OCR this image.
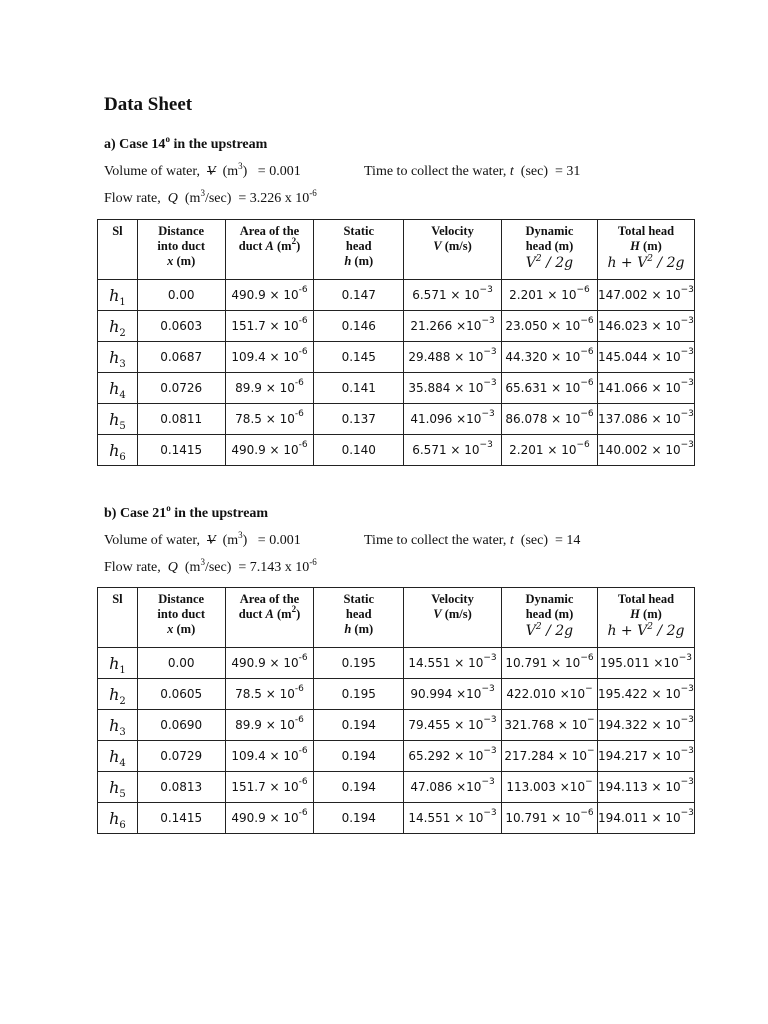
Data Sheet
a) Case 14$^o$ in the upstream
Volume of water, V $(m^3) = 0.001$	Time to collect the water, t (sec) = 31
Flow rate, Q $(m^3/\sec) = 3.226$ x $10^{-6}$
Sl	Distance
into duct
x (m)	Area of the
duct A $(m^2)$	Static
head
h (m)	Velocity
V (m/s)	Dynamic
head (m)
$V^2 / 2g$	Total head
H (m)
$h + V^2 / 2g$

$h_1$	0.00	$490.9 \times 10^{-6}$	0.147	$6.571 \times 10^{-3}$	$2.201 \times 10^{-6}$	$147.002 \times 10^{-3}$
$h_2$	0.0603	$151.7 \times 10^{-6}$	0.146	$21.266 \times 10^{-3}$	$23.050 \times 10^{-6}$	$146.023 \times 10^{-3}$
$h_3$	0.0687	$109.4 \times 10^{-6}$	0.145	$29.488 \times 10^{-3}$	$44.320 \times 10^{-6}$	$145.044 \times 10^{-3}$
$h_4$	0.0726	$89.9 \times 10^{-6}$	0.141	$35.884 \times 10^{-3}$	$65.631 \times 10^{-6}$	$141.066 \times 10^{-3}$
$h_5$	0.0811	$78.5 \times 10^{-6}$	0.137	$41.096 \times 10^{-3}$	$86.078 \times 10^{-6}$	$137.086 \times 10^{-3}$
$h_6$	0.1415	$490.9 \times 10^{-6}$	0.140	$6.571 \times 10^{-3}$	$2.201 \times 10^{-6}$	$140.002 \times 10^{-3}$
b) Case 21$^o$ in the upstream
Volume of water, V $(m^3) = 0.001$	Time to collect the water, t (sec) = 14
Flow rate, Q $(m^3/\sec) = 7.143$ x $10^{-6}$
Sl	Distance
into duct
x (m)	Area of the
duct A $(m^2)$	Static
head
h (m)	Velocity
V (m/s)	Dynamic
head (m)
$V^2 / 2g$	Total head
H (m)
$h + V^2 / 2g$

$h_1$	0.00	$490.9 \times 10^{-6}$	0.195	$14.551 \times 10^{-3}$	$10.791 \times 10^{-6}$	$195.011 \times 10^{-3}$
$h_2$	0.0605	$78.5 \times 10^{-6}$	0.195	$90.994 \times 10^{-3}$	422.010 ×10−	$195.422 \times 10^{-3}$
$h_3$	0.0690	$89.9 \times 10^{-6}$	0.194	$79.455 \times 10^{-3}$	321.768 × 10−	$194.322 \times 10^{-3}$
$h_4$	0.0729	$109.4 \times 10^{-6}$	0.194	$65.292 \times 10^{-3}$	217.284 × 10−	$194.217 \times 10^{-3}$
$h_5$	0.0813	$151.7 \times 10^{-6}$	0.194	$47.086 \times 10^{-3}$	113.003 ×10−	$194.113 \times 10^{-3}$
$h_6$	0.1415	$490.9 \times 10^{-6}$	0.194	$14.551 \times 10^{-3}$	$10.791 \times 10^{-6}$	$194.011 \times 10^{-3}$
